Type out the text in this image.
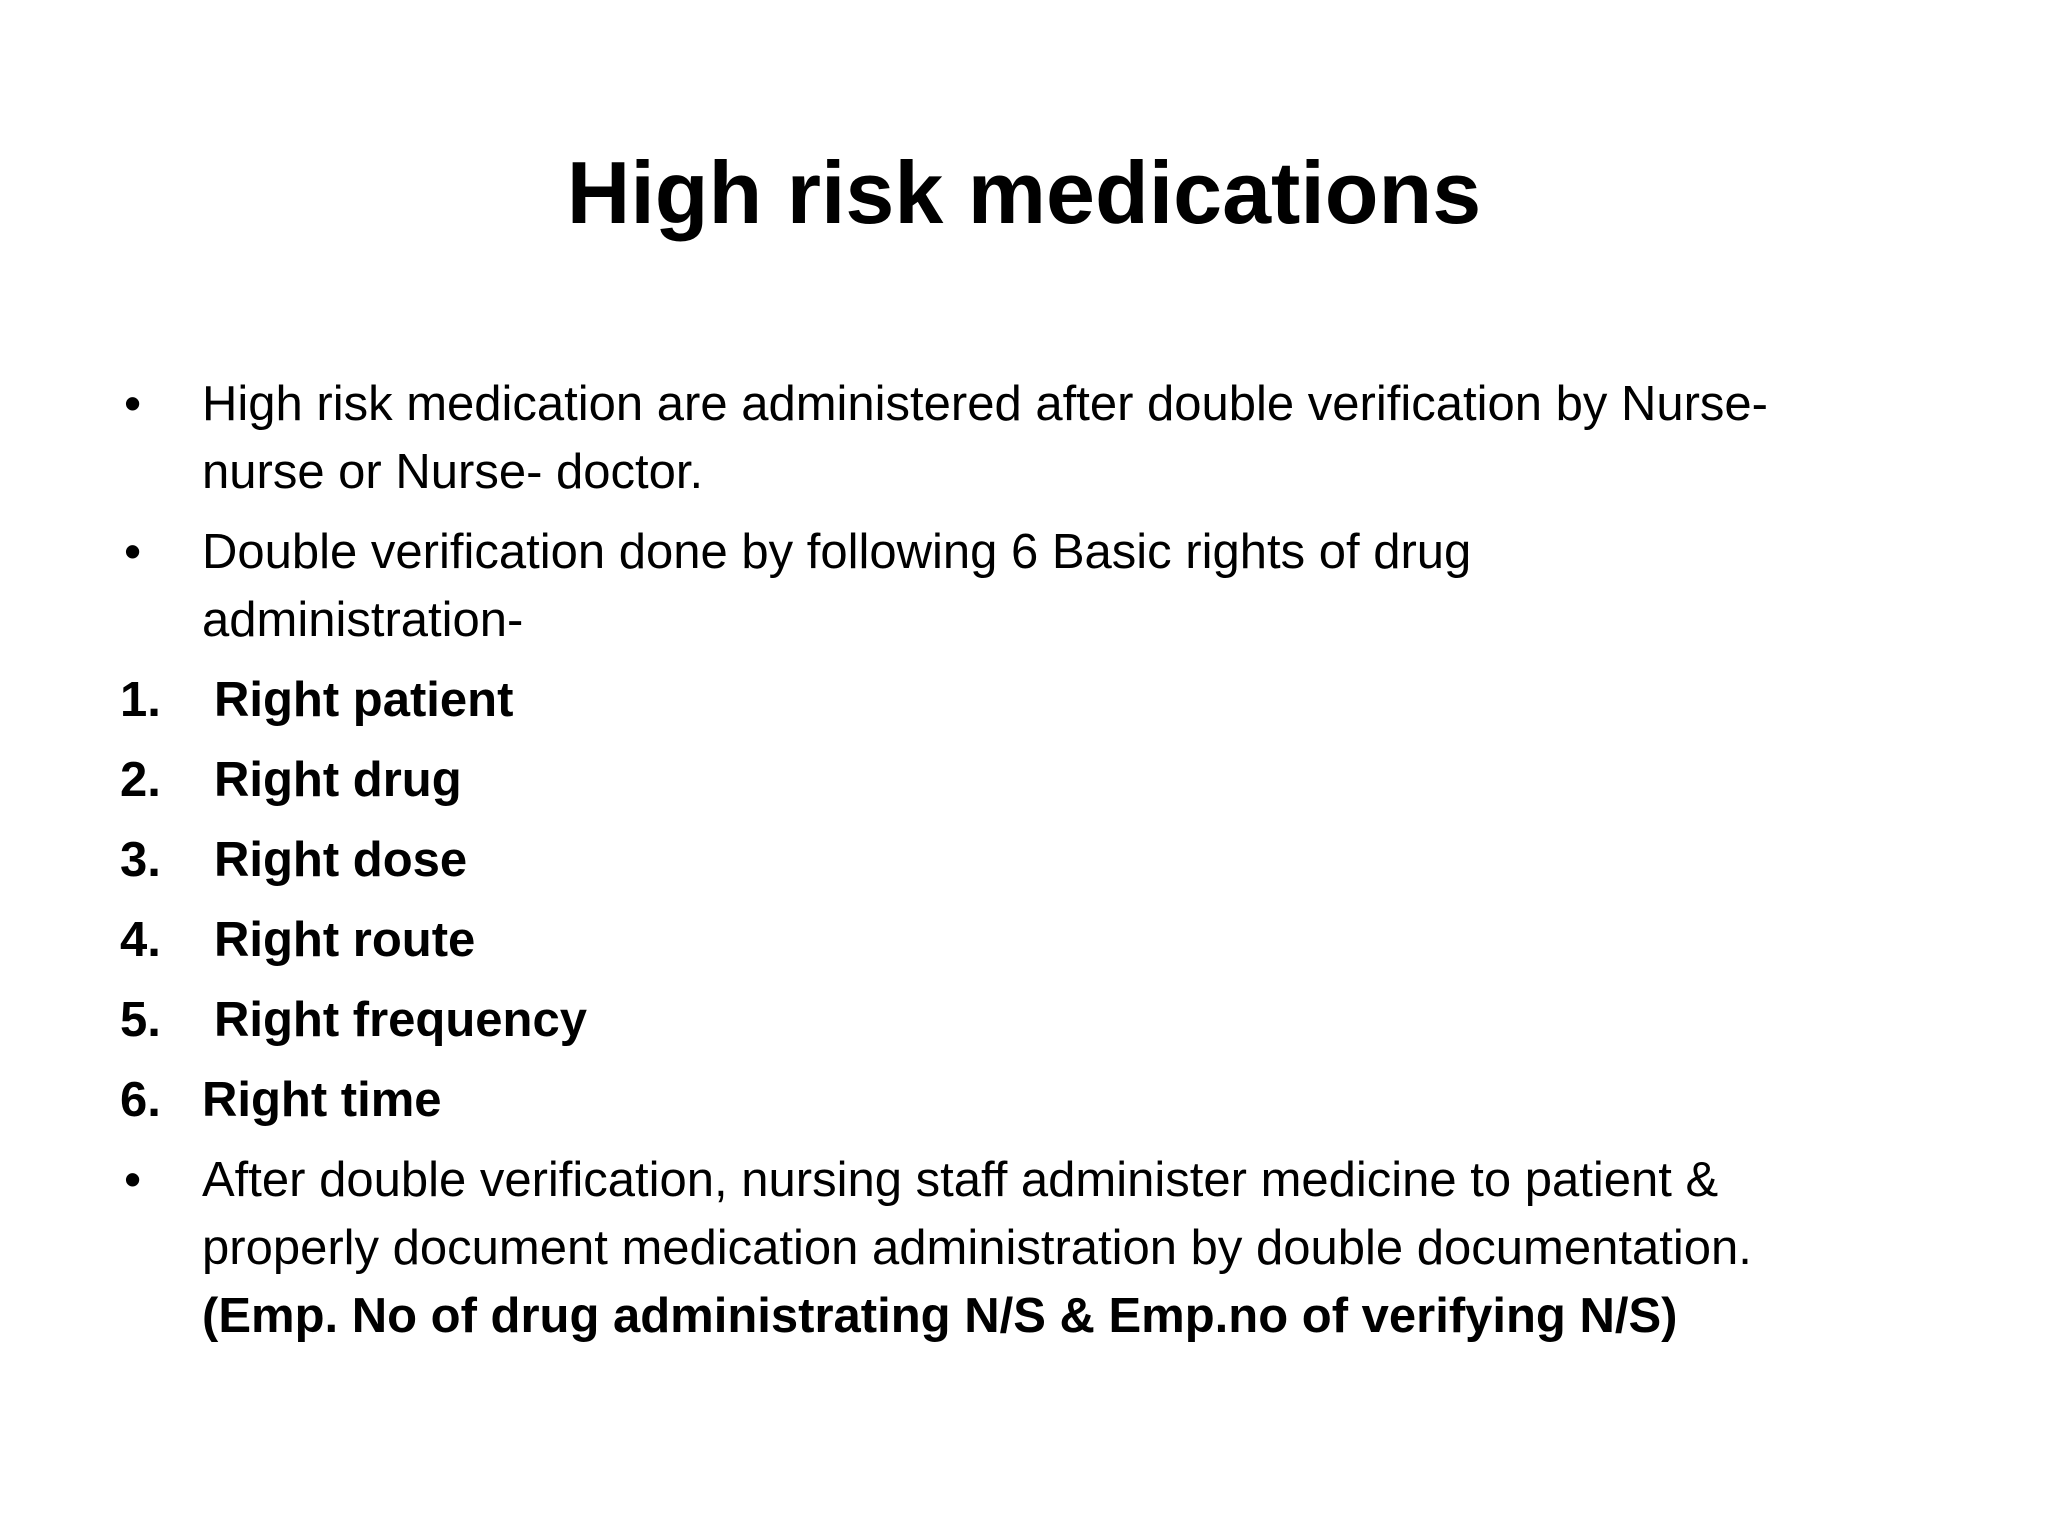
High risk medications
•	High risk medication are administered after double verification by Nurse-
nurse or Nurse- doctor.
•	Double verification done by following 6 Basic rights of drug
administration-
1.	Right patient
2.	Right drug
3.	Right dose
4.	Right route
5.	Right frequency
6. Right time
•	After double verification, nursing staff administer medicine to patient &
properly document medication administration by double documentation.
(Emp. No of drug administrating N/S & Emp.no of verifying N/S)
